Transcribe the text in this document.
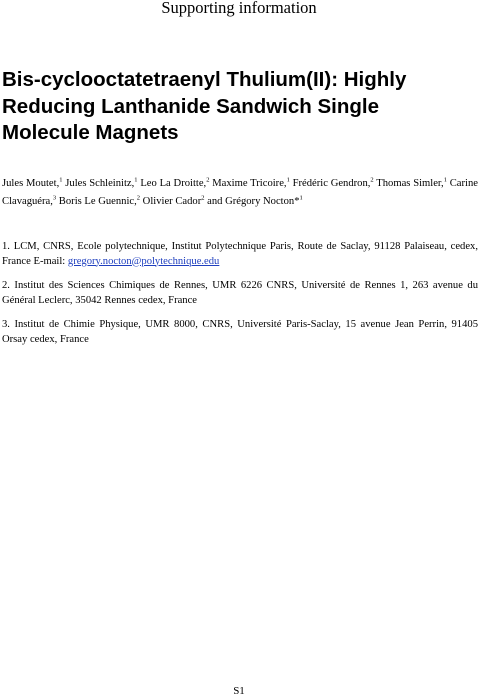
Supporting information
Bis-cyclooctatetraenyl Thulium(II): Highly Reducing Lanthanide Sandwich Single Molecule Magnets
Jules Moutet,$^1$ Jules Schleinitz,$^1$ Leo La Droitte,$^2$ Maxime Tricoire,$^1$ Frédéric Gendron,$^2$ Thomas Simler,$^1$ Carine Clavaguéra,$^3$ Boris Le Guennic,$^2$ Olivier Cador$^2$ and Grégory Nocton*$^1$

1. LCM, CNRS, Ecole polytechnique, Institut Polytechnique Paris, Route de Saclay, 91128 Palaiseau, cedex, France E-mail: gregory.nocton@polytechnique.edu

2. Institut des Sciences Chimiques de Rennes, UMR 6226 CNRS, Université de Rennes 1, 263 avenue du Général Leclerc, 35042 Rennes cedex, France

3. Institut de Chimie Physique, UMR 8000, CNRS, Université Paris-Saclay, 15 avenue Jean Perrin, 91405 Orsay cedex, France

S1
